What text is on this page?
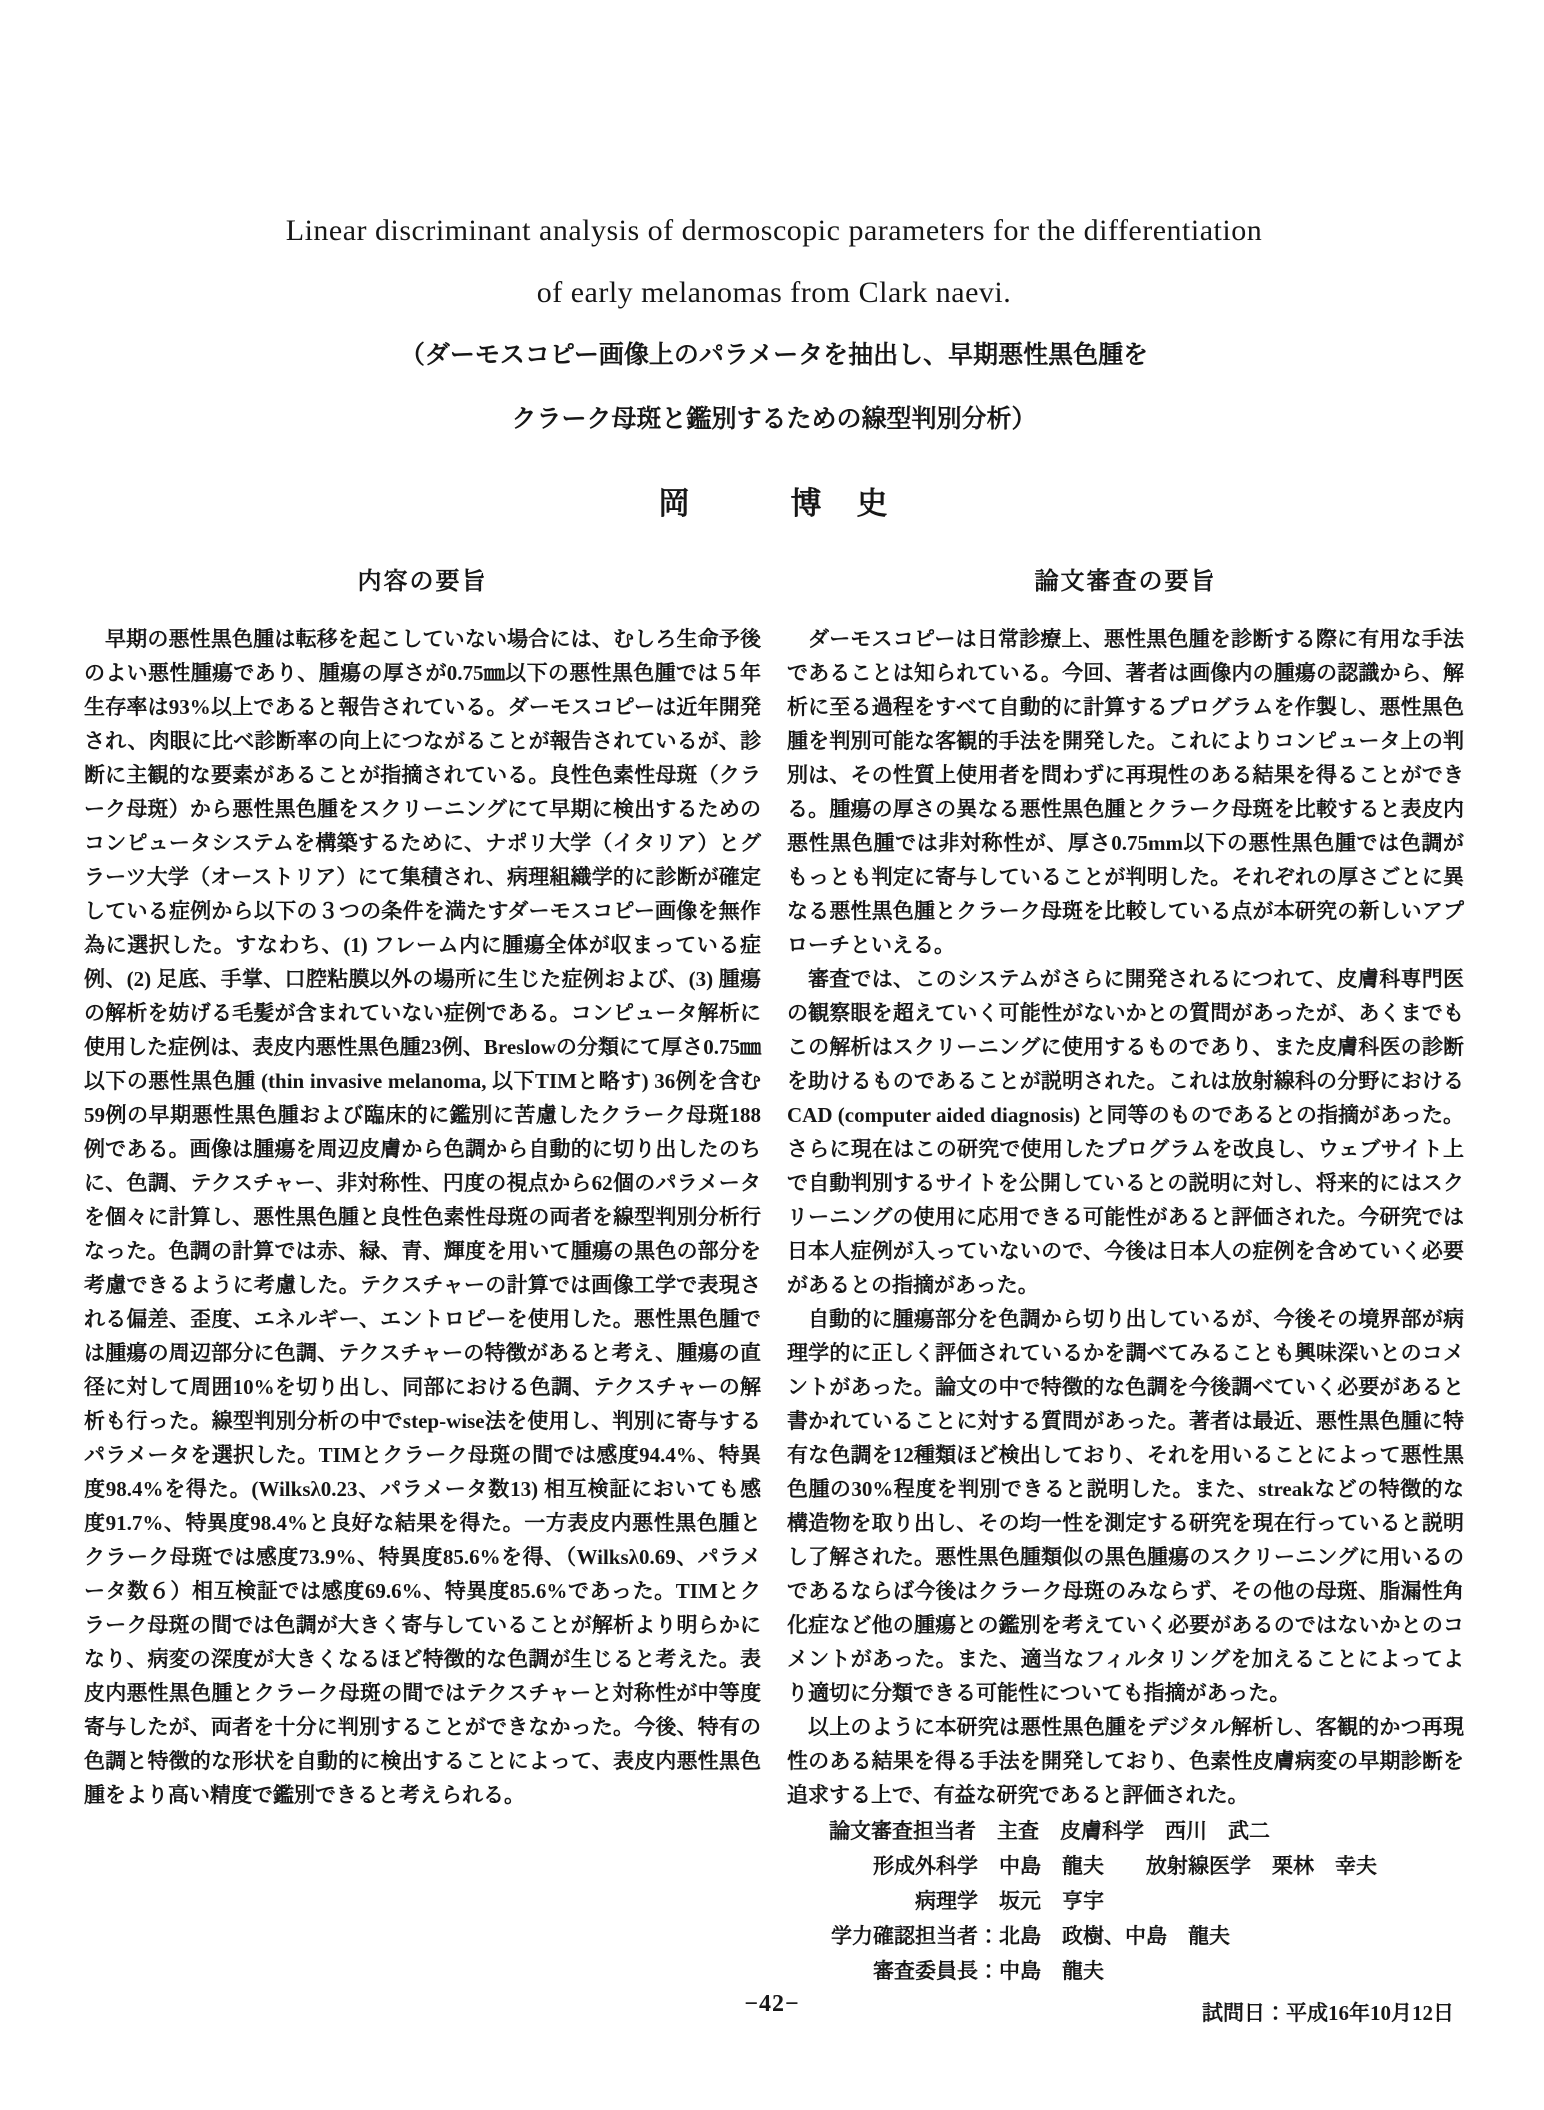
Linear discriminant analysis of dermoscopic parameters for the differentiation
of early melanomas from Clark naevi.
（ダーモスコピー画像上のパラメータを抽出し、早期悪性黒色腫を
クラーク母斑と鑑別するための線型判別分析）
岡　　　博　史
内容の要旨

早期の悪性黒色腫は転移を起こしていない場合には、むしろ生命予後のよい悪性腫瘍であり、腫瘍の厚さが0.75㎜以下の悪性黒色腫では５年生存率は93%以上であると報告されている。ダーモスコピーは近年開発され、肉眼に比べ診断率の向上につながることが報告されているが、診断に主観的な要素があることが指摘されている。良性色素性母斑（クラーク母斑）から悪性黒色腫をスクリーニングにて早期に検出するためのコンピュータシステムを構築するために、ナポリ大学（イタリア）とグラーツ大学（オーストリア）にて集積され、病理組織学的に診断が確定している症例から以下の３つの条件を満たすダーモスコピー画像を無作為に選択した。すなわち、(1) フレーム内に腫瘍全体が収まっている症例、(2) 足底、手掌、口腔粘膜以外の場所に生じた症例および、(3) 腫瘍の解析を妨げる毛髪が含まれていない症例である。コンピュータ解析に使用した症例は、表皮内悪性黒色腫23例、Breslowの分類にて厚さ0.75㎜以下の悪性黒色腫 (thin invasive melanoma, 以下TIMと略す) 36例を含む59例の早期悪性黒色腫および臨床的に鑑別に苦慮したクラーク母斑188例である。画像は腫瘍を周辺皮膚から色調から自動的に切り出したのちに、色調、テクスチャー、非対称性、円度の視点から62個のパラメータを個々に計算し、悪性黒色腫と良性色素性母斑の両者を線型判別分析行なった。色調の計算では赤、緑、青、輝度を用いて腫瘍の黒色の部分を考慮できるように考慮した。テクスチャーの計算では画像工学で表現される偏差、歪度、エネルギー、エントロピーを使用した。悪性黒色腫では腫瘍の周辺部分に色調、テクスチャーの特徴があると考え、腫瘍の直径に対して周囲10%を切り出し、同部における色調、テクスチャーの解析も行った。線型判別分析の中でstep-wise法を使用し、判別に寄与するパラメータを選択した。TIMとクラーク母斑の間では感度94.4%、特異度98.4%を得た。(Wilksλ0.23、パラメータ数13) 相互検証においても感度91.7%、特異度98.4%と良好な結果を得た。一方表皮内悪性黒色腫とクラーク母斑では感度73.9%、特異度85.6%を得、（Wilksλ0.69、パラメータ数６）相互検証では感度69.6%、特異度85.6%であった。TIMとクラーク母斑の間では色調が大きく寄与していることが解析より明らかになり、病変の深度が大きくなるほど特徴的な色調が生じると考えた。表皮内悪性黒色腫とクラーク母斑の間ではテクスチャーと対称性が中等度寄与したが、両者を十分に判別することができなかった。今後、特有の色調と特徴的な形状を自動的に検出することによって、表皮内悪性黒色腫をより高い精度で鑑別できると考えられる。

論文審査の要旨

ダーモスコピーは日常診療上、悪性黒色腫を診断する際に有用な手法であることは知られている。今回、著者は画像内の腫瘍の認識から、解析に至る過程をすべて自動的に計算するプログラムを作製し、悪性黒色腫を判別可能な客観的手法を開発した。これによりコンピュータ上の判別は、その性質上使用者を問わずに再現性のある結果を得ることができる。腫瘍の厚さの異なる悪性黒色腫とクラーク母斑を比較すると表皮内悪性黒色腫では非対称性が、厚さ0.75mm以下の悪性黒色腫では色調がもっとも判定に寄与していることが判明した。それぞれの厚さごとに異なる悪性黒色腫とクラーク母斑を比較している点が本研究の新しいアプローチといえる。

審査では、このシステムがさらに開発されるにつれて、皮膚科専門医の観察眼を超えていく可能性がないかとの質問があったが、あくまでもこの解析はスクリーニングに使用するものであり、また皮膚科医の診断を助けるものであることが説明された。これは放射線科の分野におけるCAD (computer aided diagnosis) と同等のものであるとの指摘があった。さらに現在はこの研究で使用したプログラムを改良し、ウェブサイト上で自動判別するサイトを公開しているとの説明に対し、将来的にはスクリーニングの使用に応用できる可能性があると評価された。今研究では日本人症例が入っていないので、今後は日本人の症例を含めていく必要があるとの指摘があった。

自動的に腫瘍部分を色調から切り出しているが、今後その境界部が病理学的に正しく評価されているかを調べてみることも興味深いとのコメントがあった。論文の中で特徴的な色調を今後調べていく必要があると書かれていることに対する質問があった。著者は最近、悪性黒色腫に特有な色調を12種類ほど検出しており、それを用いることによって悪性黒色腫の30%程度を判別できると説明した。また、streakなどの特徴的な構造物を取り出し、その均一性を測定する研究を現在行っていると説明し了解された。悪性黒色腫類似の黒色腫瘍のスクリーニングに用いるのであるならば今後はクラーク母斑のみならず、その他の母斑、脂漏性角化症など他の腫瘍との鑑別を考えていく必要があるのではないかとのコメントがあった。また、適当なフィルタリングを加えることによってより適切に分類できる可能性についても指摘があった。

以上のように本研究は悪性黒色腫をデジタル解析し、客観的かつ再現性のある結果を得る手法を開発しており、色素性皮膚病変の早期診断を追求する上で、有益な研究であると評価された。

論文審査担当者　主査　皮膚科学　西川　武二
形成外科学　中島　龍夫　　放射線医学　栗林　幸夫
病理学　坂元　亨宇
学力確認担当者：北島　政樹、中島　龍夫
審査委員長：中島　龍夫
試問日：平成16年10月12日
−42−
